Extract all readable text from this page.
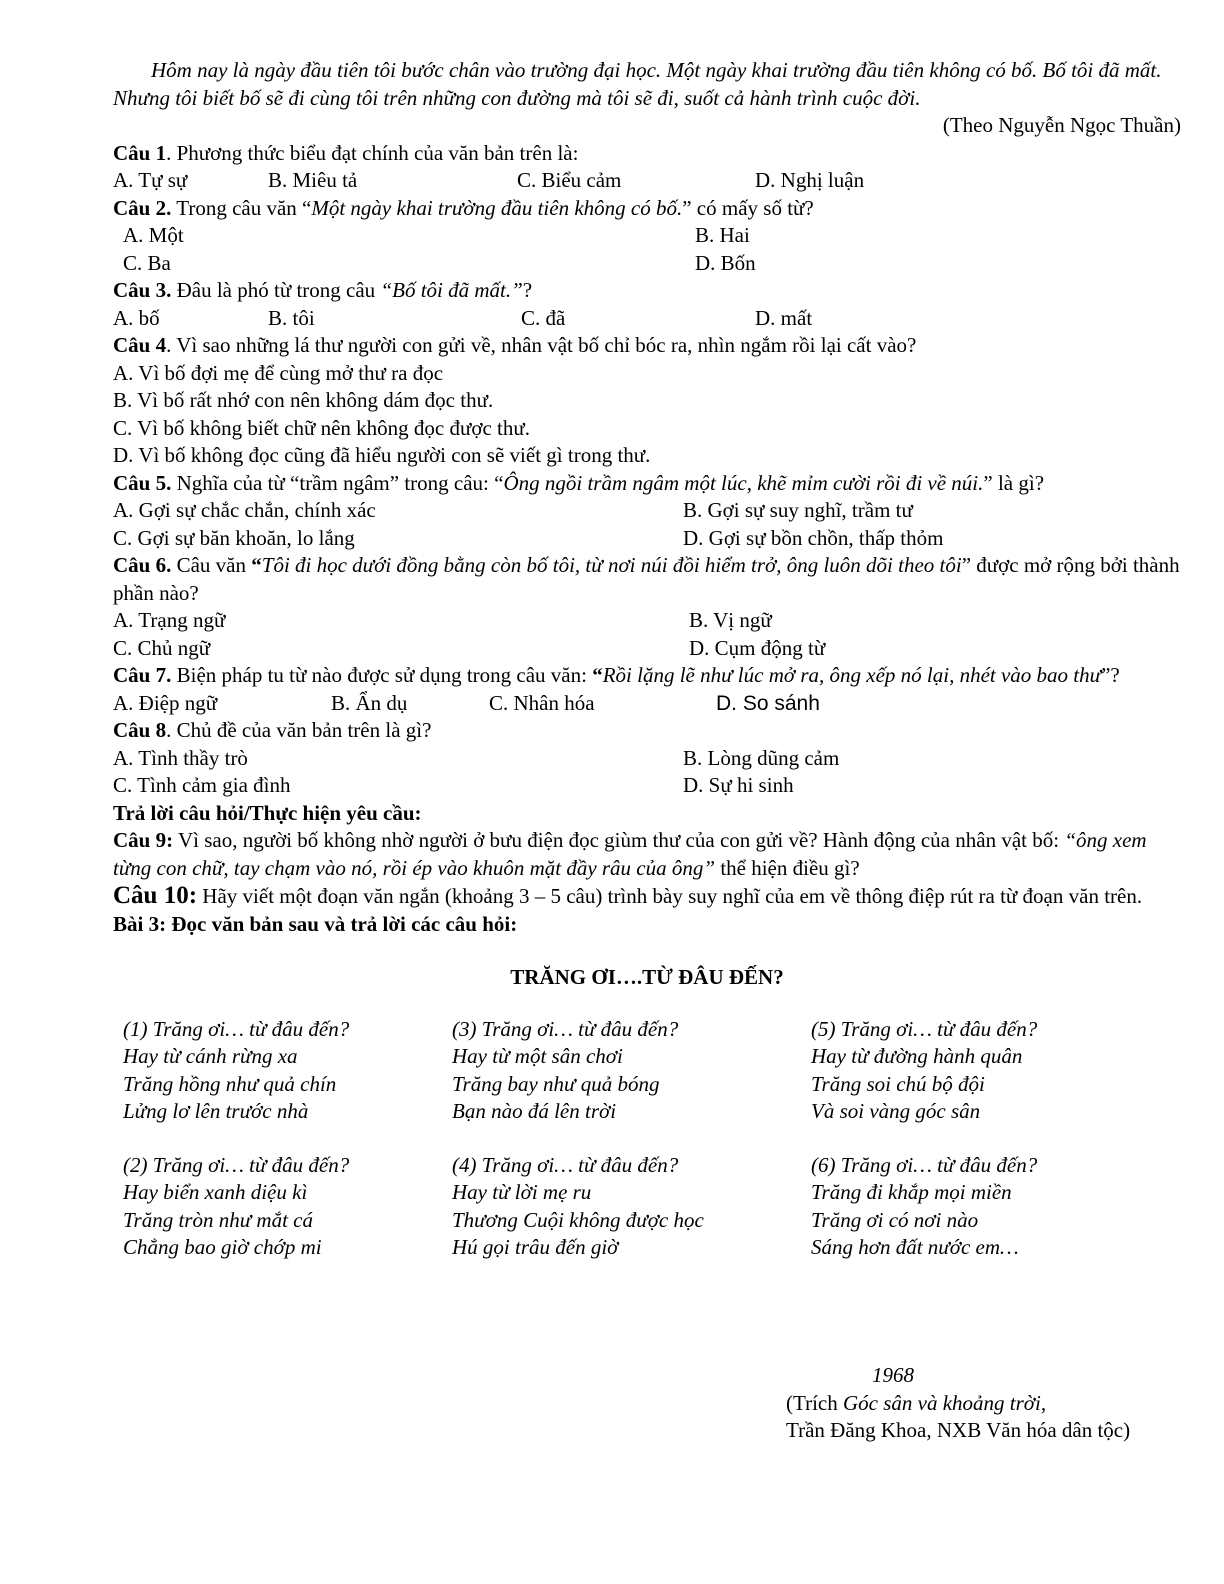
Hôm nay là ngày đầu tiên tôi bước chân vào trường đại học. Một ngày khai trường đầu tiên không có bố. Bố tôi đã mất. Nhưng tôi biết bố sẽ đi cùng tôi trên những con đường mà tôi sẽ đi, suốt cả hành trình cuộc đời.

(Theo Nguyễn Ngọc Thuần)

Câu 1. Phương thức biểu đạt chính của văn bản trên là:

A. Tự sự	B. Miêu tả	C. Biểu cảm	D. Nghị luận

Câu 2. Trong câu văn “Một ngày khai trường đầu tiên không có bố.” có mấy số từ?

A. Một	B. Hai
C. Ba	D. Bốn

Câu 3. Đâu là phó từ trong câu “Bố tôi đã mất.”?

A. bố	B. tôi	C. đã	D. mất

Câu 4. Vì sao những lá thư người con gửi về, nhân vật bố chỉ bóc ra, nhìn ngắm rồi lại cất vào?

A. Vì bố đợi mẹ để cùng mở thư ra đọc

B. Vì bố rất nhớ con nên không dám đọc thư.

C. Vì bố không biết chữ nên không đọc được thư.

D. Vì bố không đọc cũng đã hiểu người con sẽ viết gì trong thư.

Câu 5. Nghĩa của từ “trầm ngâm” trong câu: “Ông ngồi trầm ngâm một lúc, khẽ mỉm cười rồi đi về núi.” là gì?

A. Gợi sự chắc chắn, chính xác	B. Gợi sự suy nghĩ, trầm tư
C. Gợi sự băn khoăn, lo lắng	D. Gợi sự bồn chồn, thấp thỏm

Câu 6. Câu văn “Tôi đi học dưới đồng bằng còn bố tôi, từ nơi núi đồi hiểm trở, ông luôn dõi theo tôi” được mở rộng bởi thành phần nào?

A. Trạng ngữ	B. Vị ngữ
C. Chủ ngữ	D. Cụm động từ

Câu 7. Biện pháp tu từ nào được sử dụng trong câu văn: “Rồi lặng lẽ như lúc mở ra, ông xếp nó lại, nhét vào bao thư”?

A. Điệp ngữ	B. Ẩn dụ	C. Nhân hóa	D. So sánh

Câu 8. Chủ đề của văn bản trên là gì?

A. Tình thầy trò	B. Lòng dũng cảm
C. Tình cảm gia đình	D. Sự hi sinh

Trả lời câu hỏi/Thực hiện yêu cầu:

Câu 9: Vì sao, người bố không nhờ người ở bưu điện đọc giùm thư của con gửi về? Hành động của nhân vật bố: “ông xem từng con chữ, tay chạm vào nó, rồi ép vào khuôn mặt đầy râu của ông” thể hiện điều gì?

Câu 10: Hãy viết một đoạn văn ngắn (khoảng 3 – 5 câu) trình bày suy nghĩ của em về thông điệp rút ra từ đoạn văn trên.

Bài 3: Đọc văn bản sau và trả lời các câu hỏi:

TRĂNG ƠI….TỪ ĐÂU ĐẾN?

(1) Trăng ơi… từ đâu đến?
Hay từ cánh rừng xa
Trăng hồng như quả chín
Lửng lơ lên trước nhà
(3) Trăng ơi… từ đâu đến?
Hay từ một sân chơi
Trăng bay như quả bóng
Bạn nào đá lên trời
(5) Trăng ơi… từ đâu đến?
Hay từ đường hành quân
Trăng soi chú bộ đội
Và soi vàng góc sân
(2) Trăng ơi… từ đâu đến?
Hay biển xanh diệu kì
Trăng tròn như mắt cá
Chẳng bao giờ chớp mi
(4) Trăng ơi… từ đâu đến?
Hay từ lời mẹ ru
Thương Cuội không được học
Hú gọi trâu đến giờ
(6) Trăng ơi… từ đâu đến?
Trăng đi khắp mọi miền
Trăng ơi có nơi nào
Sáng hơn đất nước em…
1968
(Trích Góc sân và khoảng trời,
Trần Đăng Khoa, NXB Văn hóa dân tộc)
